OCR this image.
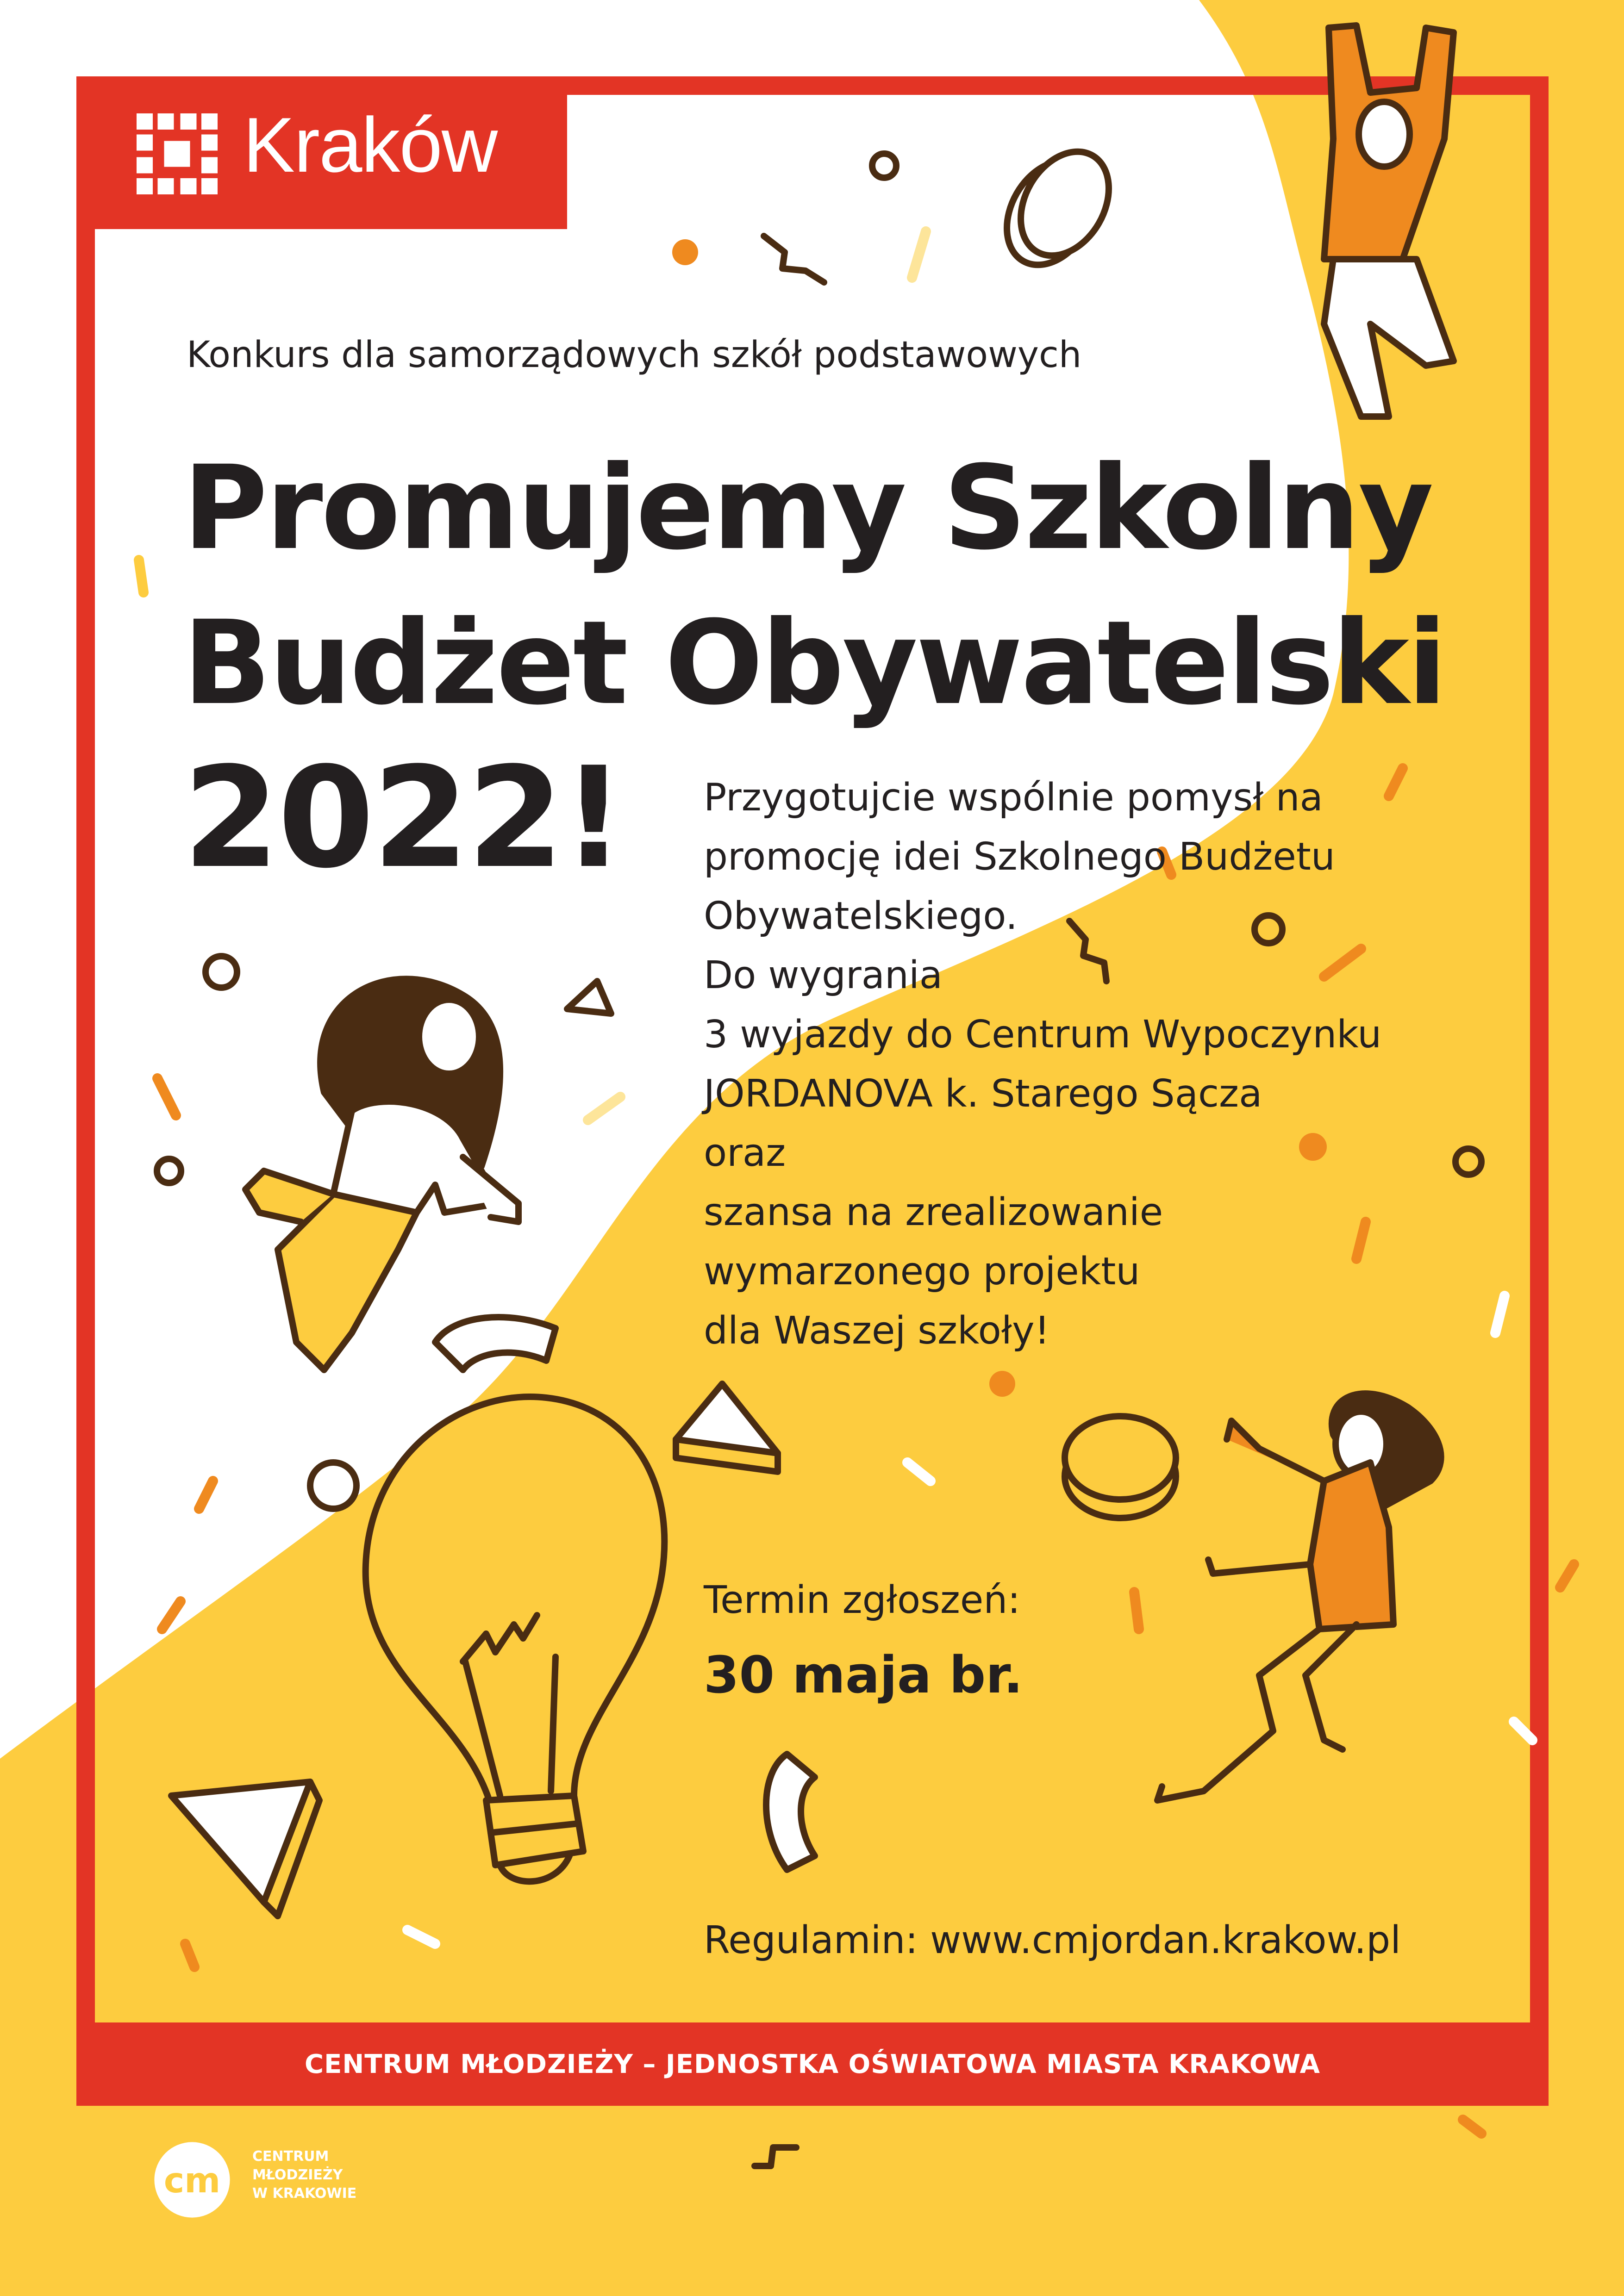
Kraków
Konkurs dla samorządowych szkół podstawowych
Promujemy Szkolny
Budżet Obywatelski
2022!	Przygotujcie wspólnie pomysł na
promocję idei Szkolnego Budżetu
Obywatelskiego.
Do wygrania
3 wyjazdy do Centrum Wypoczynku
JORDANOVA k. Starego Sącza
oraz
szansa na zrealizowanie
wymarzonego projektu
dla Waszej szkoły!
Termin zgłoszeń:
30 maja br.
Regulamin: www.cmjordan.krakow.pl
CENTRUM MŁODZIEŻY – JEDNOSTKA OŚWIATOWA MIASTA KRAKOWA
cm
CENTRUM
MŁODZIEŻY
W KRAKOWIE
